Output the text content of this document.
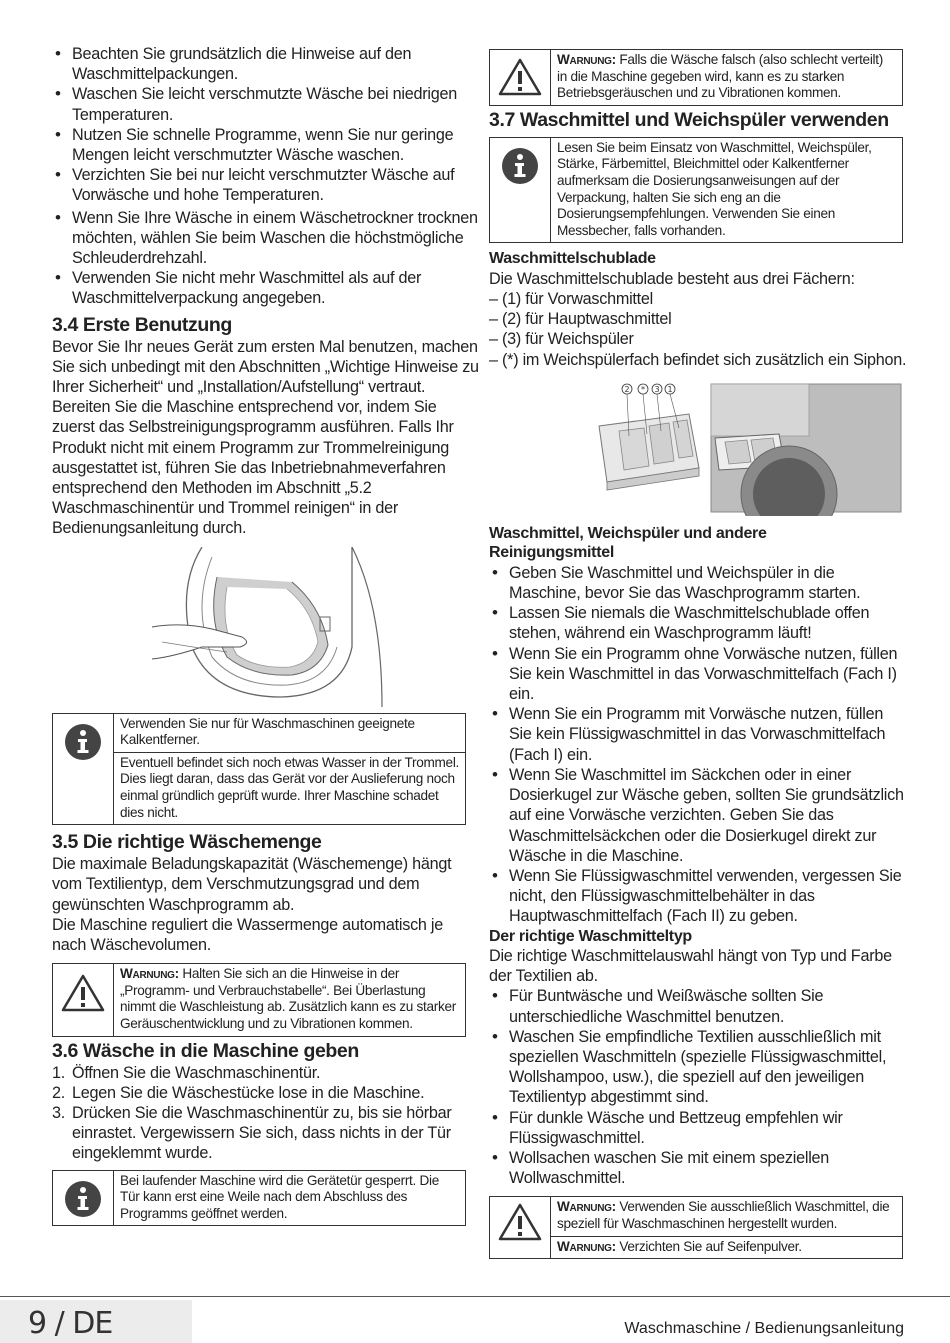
• Beachten Sie grundsätzlich die Hinweise auf den Waschmittelpackungen.
• Waschen Sie leicht verschmutzte Wäsche bei niedrigen Temperaturen.
• Nutzen Sie schnelle Programme, wenn Sie nur geringe Mengen leicht verschmutzter Wäsche waschen.
• Verzichten Sie bei nur leicht verschmutzter Wäsche auf Vorwäsche und hohe Temperaturen.
• Wenn Sie Ihre Wäsche in einem Wäschetrockner trocknen möchten, wählen Sie beim Waschen die höchstmögliche Schleuderdrehzahl.
• Verwenden Sie nicht mehr Waschmittel als auf der Waschmittelverpackung angegeben.
3.4 Erste Benutzung

Bevor Sie Ihr neues Gerät zum ersten Mal benutzen, machen Sie sich unbedingt mit den Abschnitten „Wichtige Hinweise zu Ihrer Sicherheit“ und „Installation/Aufstellung“ vertraut. Bereiten Sie die Maschine entsprechend vor, indem Sie zuerst das Selbstreinigungsprogramm ausführen. Falls Ihr Produkt nicht mit einem Programm zur Trommelreinigung ausgestattet ist, führen Sie das Inbetriebnahmeverfahren entsprechend den Methoden im Abschnitt „5.2 Waschmaschinentür und Trommel reinigen“ in der Bedienungsanleitung durch.

Verwenden Sie nur für Waschmaschinen geeignete Kalkentferner.
Eventuell befindet sich noch etwas Wasser in der Trommel. Dies liegt daran, dass das Gerät vor der Auslieferung noch einmal gründlich geprüft wurde. Ihrer Maschine schadet dies nicht.
3.5 Die richtige Wäschemenge

Die maximale Beladungskapazität (Wäschemenge) hängt vom Textilientyp, dem Verschmutzungsgrad und dem gewünschten Waschprogramm ab.

Die Maschine reguliert die Wassermenge automatisch je nach Wäschevolumen.

Warnung: Halten Sie sich an die Hinweise in der „Programm- und Verbrauchstabelle“. Bei Überlastung nimmt die Waschleistung ab. Zusätzlich kann es zu starker Geräuschentwicklung und zu Vibrationen kommen.
3.6 Wäsche in die Maschine geben
1. Öffnen Sie die Waschmaschinentür.
2. Legen Sie die Wäschestücke lose in die Maschine.
3. Drücken Sie die Waschmaschinentür zu, bis sie hörbar einrastet. Vergewissern Sie sich, dass nichts in der Tür eingeklemmt wurde.
Bei laufender Maschine wird die Gerätetür gesperrt. Die Tür kann erst eine Weile nach dem Abschluss des Programms geöffnet werden.
Warnung: Falls die Wäsche falsch (also schlecht verteilt) in die Maschine gegeben wird, kann es zu starken Betriebsgeräuschen und zu Vibrationen kommen.
3.7 Waschmittel und Weichspüler verwenden
Lesen Sie beim Einsatz von Waschmittel, Weichspüler, Stärke, Färbemittel, Bleichmittel oder Kalkentferner aufmerksam die Dosierungsanweisungen auf der Verpackung, halten Sie sich eng an die Dosierungsempfehlungen. Verwenden Sie einen Messbecher, falls vorhanden.
Waschmittelschublade

Die Waschmittelschublade besteht aus drei Fächern:

– (1) für Vorwaschmittel

– (2) für Hauptwaschmittel

– (3) für Weichspüler

– (*) im Weichspülerfach befindet sich zusätzlich ein Siphon.

2 * 3 1
Waschmittel, Weichspüler und andere Reinigungsmittel
• Geben Sie Waschmittel und Weichspüler in die Maschine, bevor Sie das Waschprogramm starten.
• Lassen Sie niemals die Waschmittelschublade offen stehen, während ein Waschprogramm läuft!
• Wenn Sie ein Programm ohne Vorwäsche nutzen, füllen Sie kein Waschmittel in das Vorwaschmittelfach (Fach I) ein.
• Wenn Sie ein Programm mit Vorwäsche nutzen, füllen Sie kein Flüssigwaschmittel in das Vorwaschmittelfach (Fach I) ein.
• Wenn Sie Waschmittel im Säckchen oder in einer Dosierkugel zur Wäsche geben, sollten Sie grundsätzlich auf eine Vorwäsche verzichten. Geben Sie das Waschmittelsäckchen oder die Dosierkugel direkt zur Wäsche in die Maschine.
• Wenn Sie Flüssigwaschmittel verwenden, vergessen Sie nicht, den Flüssigwaschmittelbehälter in das Hauptwaschmittelfach (Fach II) zu geben.
Der richtige Waschmitteltyp

Die richtige Waschmittelauswahl hängt von Typ und Farbe der Textilien ab.

• Für Buntwäsche und Weißwäsche sollten Sie unterschiedliche Waschmittel benutzen.
• Waschen Sie empfindliche Textilien ausschließlich mit speziellen Waschmitteln (spezielle Flüssigwaschmittel, Wollshampoo, usw.), die speziell auf den jeweiligen Textilientyp abgestimmt sind.
• Für dunkle Wäsche und Bettzeug empfehlen wir Flüssigwaschmittel.
• Wollsachen waschen Sie mit einem speziellen Wollwaschmittel.
Warnung: Verwenden Sie ausschließlich Waschmittel, die speziell für Waschmaschinen hergestellt wurden.
Warnung: Verzichten Sie auf Seifenpulver.
9 / DE	Waschmaschine / Bedienungsanleitung
